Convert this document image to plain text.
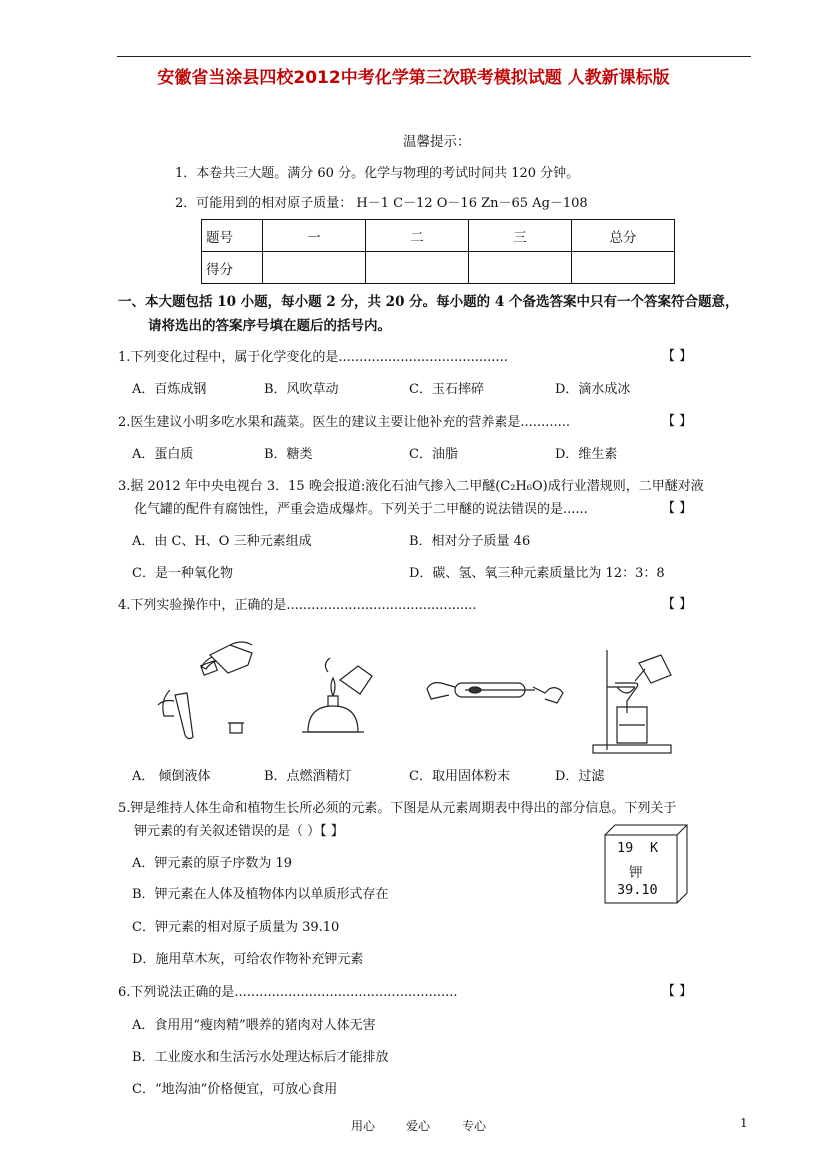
安徽省当涂县四校2012中考化学第三次联考模拟试题 人教新课标版
温馨提示：
1．本卷共三大题。满分 60 分。化学与物理的考试时间共 120 分钟。
2．可能用到的相对原子质量： H－1 C－12 O－16 Zn－65 Ag－108
题号	一	二	三	总分
得分				
一、本大题包括 10 小题，每小题 2 分，共 20 分。每小题的 4 个备选答案中只有一个答案符合题意，
请将选出的答案序号填在题后的括号内。
1.下列变化过程中，属于化学变化的是.........................................	【 】
A．百炼成钢	B．风吹草动	C．玉石摔碎	D．滴水成冰
2.医生建议小明多吃水果和蔬菜。医生的建议主要让他补充的营养素是............	【 】
A．蛋白质	B．糖类	C．油脂	D．维生素
3.据 2012 年中央电视台 3．15 晚会报道:液化石油气掺入二甲醚(C₂H₆O)成行业潜规则，二甲醚对液
化气罐的配件有腐蚀性，严重会造成爆炸。下列关于二甲醚的说法错误的是......	【 】
A．由 C、H、O 三种元素组成	B．相对分子质量 46
C．是一种氧化物	D．碳、氢、氧三种元素质量比为 12：3：8
4.下列实验操作中，正确的是..............................................	【 】
A． 倾倒液体	B．点燃酒精灯	C．取用固体粉末	D．过滤
5.钾是维持人体生命和植物生长所必须的元素。下图是从元素周期表中得出的部分信息。下列关于
钾元素的有关叙述错误的是（ ）【 】
19 K
钾
39.10
A．钾元素的原子序数为 19
B．钾元素在人体及植物体内以单质形式存在
C．钾元素的相对原子质量为 39.10
D．施用草木灰，可给农作物补充钾元素
6.下列说法正确的是......................................................	【 】
A．食用用“瘦肉精”喂养的猪肉对人体无害
B．工业废水和生活污水处理达标后才能排放
C．“地沟油”价格便宜，可放心食用
用心	爱心	专心	1
